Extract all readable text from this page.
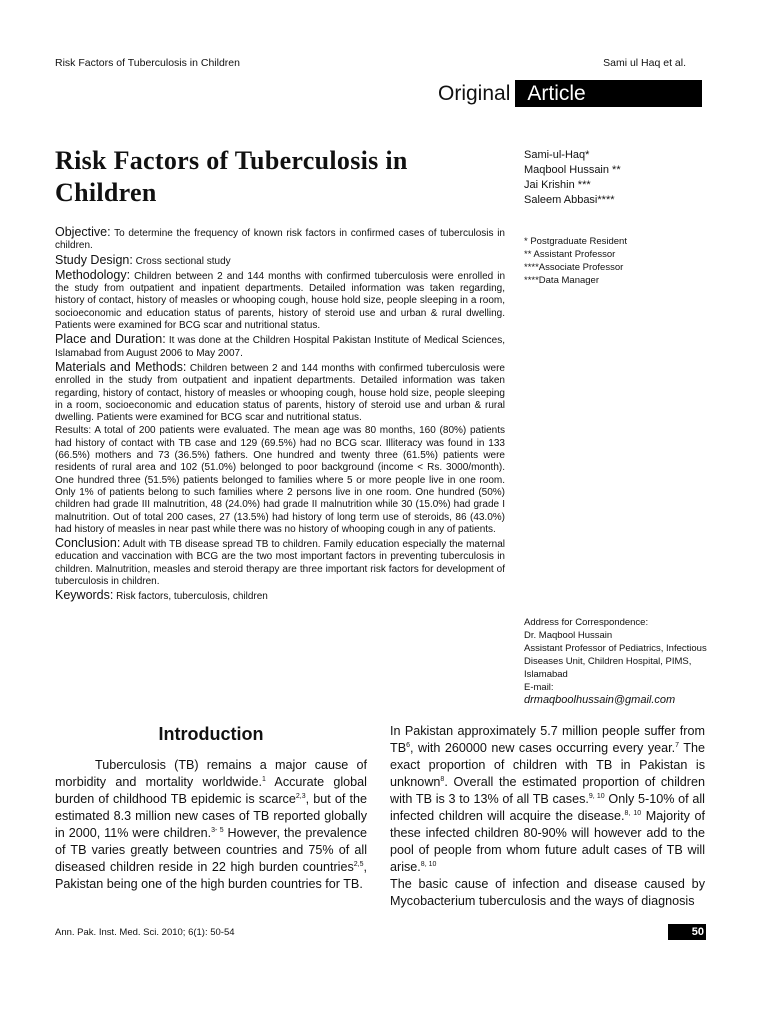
Risk Factors of Tuberculosis in Children	Sami ul Haq et al.
Original Article
Risk Factors of Tuberculosis in
Children
Sami-ul-Haq*
Maqbool Hussain **
Jai Krishin ***
Saleem Abbasi****
* Postgraduate Resident
** Assistant Professor
****Associate Professor
****Data Manager

Objective: To determine the frequency of known risk factors in confirmed cases of tuberculosis in children.

Study Design: Cross sectional study

Methodology: Children between 2 and 144 months with confirmed tuberculosis were enrolled in the study from outpatient and inpatient departments. Detailed information was taken regarding, history of contact, history of measles or whooping cough, house hold size, people sleeping in a room, socioeconomic and education status of parents, history of steroid use and urban & rural dwelling. Patients were examined for BCG scar and nutritional status.

Place and Duration: It was done at the Children Hospital Pakistan Institute of Medical Sciences, Islamabad from August 2006 to May 2007.

Materials and Methods: Children between 2 and 144 months with confirmed tuberculosis were enrolled in the study from outpatient and inpatient departments. Detailed information was taken regarding, history of contact, history of measles or whooping cough, house hold size, people sleeping in a room, socioeconomic and education status of parents, history of steroid use and urban & rural dwelling. Patients were examined for BCG scar and nutritional status.

Results: A total of 200 patients were evaluated. The mean age was 80 months, 160 (80%) patients had history of contact with TB case and 129 (69.5%) had no BCG scar. Illiteracy was found in 133 (66.5%) mothers and 73 (36.5%) fathers. One hundred and twenty three (61.5%) patients were residents of rural area and 102 (51.0%) belonged to poor background (income < Rs. 3000/month). One hundred three (51.5%) patients belonged to families where 5 or more people live in one room. Only 1% of patients belong to such families where 2 persons live in one room. One hundred (50%) children had grade III malnutrition, 48 (24.0%) had grade II malnutrition while 30 (15.0%) had grade I malnutrition. Out of total 200 cases, 27 (13.5%) had history of long term use of steroids, 86 (43.0%) had history of measles in near past while there was no history of whooping cough in any of patients.

Conclusion: Adult with TB disease spread TB to children. Family education especially the maternal education and vaccination with BCG are the two most important factors in preventing tuberculosis in children. Malnutrition, measles and steroid therapy are three important risk factors for development of tuberculosis in children.

Keywords: Risk factors, tuberculosis, children

Address for Correspondence:
Dr. Maqbool Hussain
Assistant Professor of Pediatrics, Infectious
Diseases Unit, Children Hospital, PIMS,
Islamabad
E-mail:
drmaqboolhussain@gmail.com
Introduction

Tuberculosis (TB) remains a major cause of morbidity and mortality worldwide.$^1$ Accurate global burden of childhood TB epidemic is scarce$^{2,3}$, but of the estimated 8.3 million new cases of TB reported globally in 2000, 11% were children.$^{3- 5}$ However, the prevalence of TB varies greatly between countries and 75% of all diseased children reside in 22 high burden countries$^{2,5}$, Pakistan being one of the high burden countries for TB.

In Pakistan approximately 5.7 million people suffer from $TB^6$, with 260000 new cases occurring every year.$^7$ The exact proportion of children with TB in Pakistan is unknown$^8$. Overall the estimated proportion of children with TB is 3 to 13% of all TB cases.$^{9, 10}$ Only 5-10% of all infected children will acquire the disease.$^{8, 10}$ Majority of these infected children 80-90% will however add to the pool of people from whom future adult cases of TB will arise.$^{8, 10}$

The basic cause of infection and disease caused by Mycobacterium tuberculosis and the ways of diagnosis

Ann. Pak. Inst. Med. Sci. 2010; 6(1): 50-54	50
